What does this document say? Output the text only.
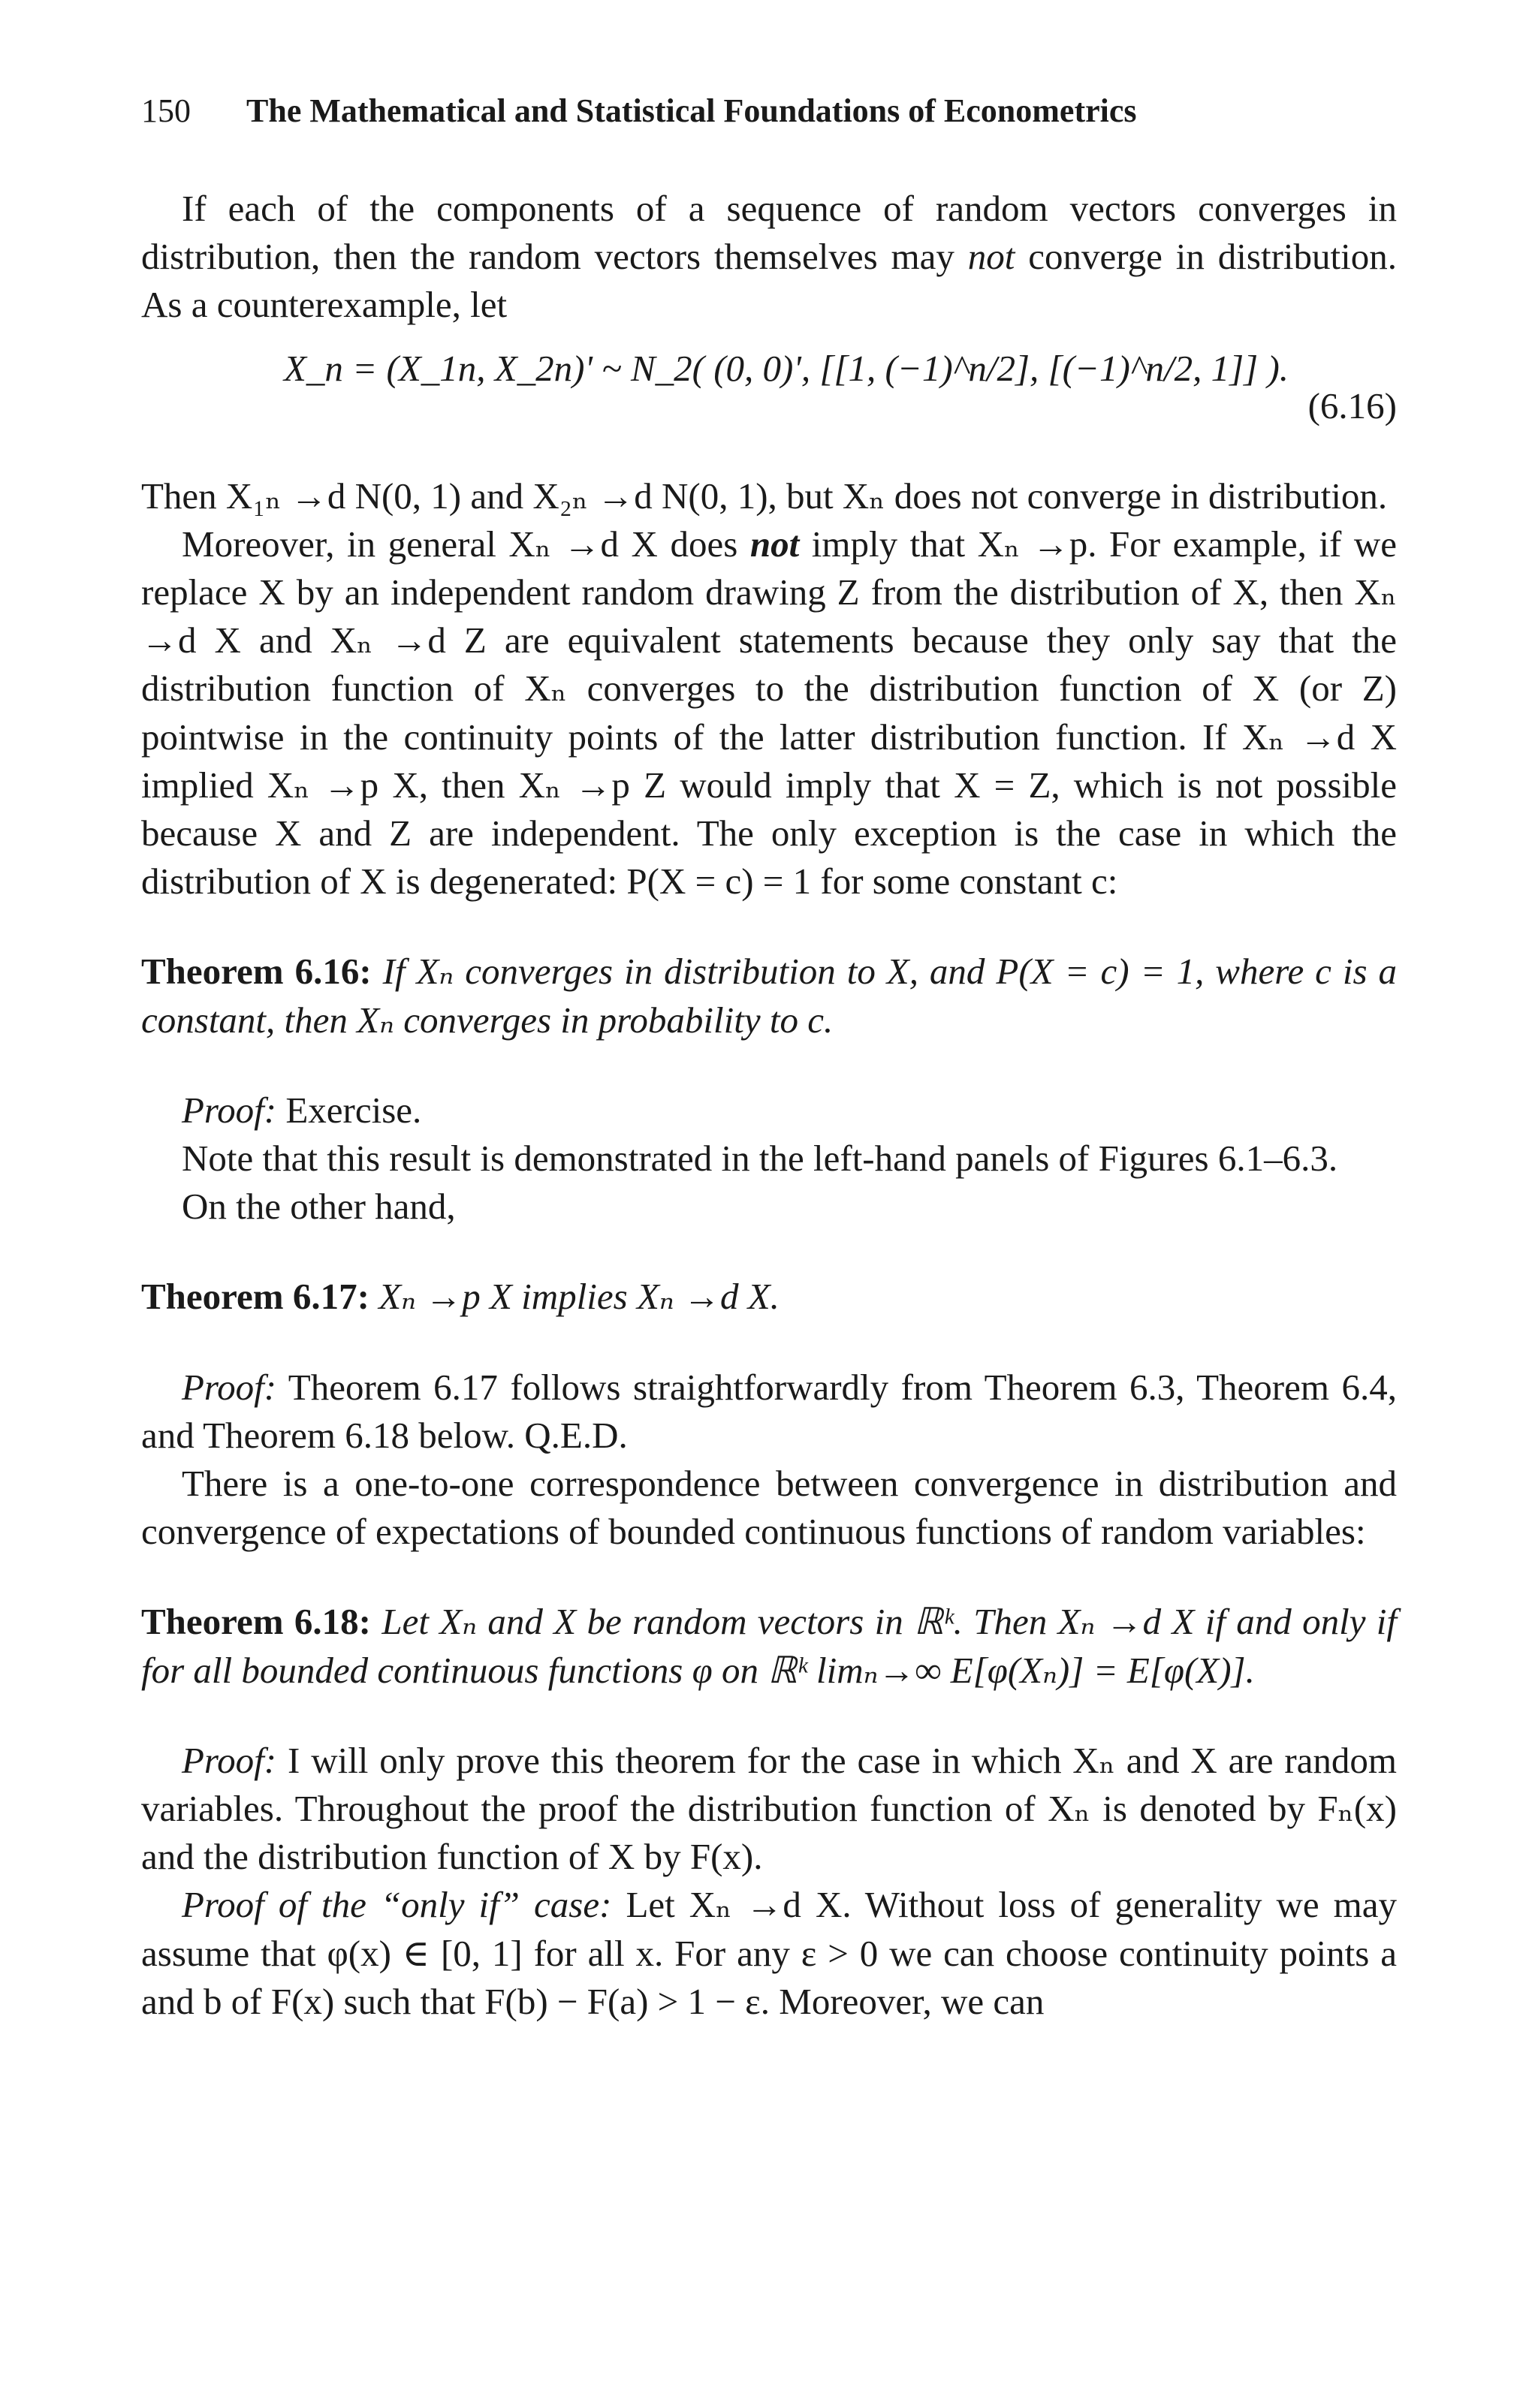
150 The Mathematical and Statistical Foundations of Econometrics

If each of the components of a sequence of random vectors converges in distribution, then the random vectors themselves may not converge in distribution. As a counterexample, let

X_n = (X_1n, X_2n)' ~ N_2( (0, 0)', [[1, (−1)^n/2], [(−1)^n/2, 1]] ).
(6.16)

Then X₁ₙ →d N(0, 1) and X₂ₙ →d N(0, 1), but Xₙ does not converge in distribution.

Moreover, in general Xₙ →d X does not imply that Xₙ →p. For example, if we replace X by an independent random drawing Z from the distribution of X, then Xₙ →d X and Xₙ →d Z are equivalent statements because they only say that the distribution function of Xₙ converges to the distribution function of X (or Z) pointwise in the continuity points of the latter distribution function. If Xₙ →d X implied Xₙ →p X, then Xₙ →p Z would imply that X = Z, which is not possible because X and Z are independent. The only exception is the case in which the distribution of X is degenerated: P(X = c) = 1 for some constant c:

Theorem 6.16: If Xₙ converges in distribution to X, and P(X = c) = 1, where c is a constant, then Xₙ converges in probability to c.

Proof: Exercise.

Note that this result is demonstrated in the left-hand panels of Figures 6.1–6.3.

On the other hand,

Theorem 6.17: Xₙ →p X implies Xₙ →d X.

Proof: Theorem 6.17 follows straightforwardly from Theorem 6.3, Theorem 6.4, and Theorem 6.18 below. Q.E.D.

There is a one-to-one correspondence between convergence in distribution and convergence of expectations of bounded continuous functions of random variables:

Theorem 6.18: Let Xₙ and X be random vectors in ℝᵏ. Then Xₙ →d X if and only if for all bounded continuous functions φ on ℝᵏ limₙ→∞ E[φ(Xₙ)] = E[φ(X)].

Proof: I will only prove this theorem for the case in which Xₙ and X are random variables. Throughout the proof the distribution function of Xₙ is denoted by Fₙ(x) and the distribution function of X by F(x).

Proof of the “only if” case: Let Xₙ →d X. Without loss of generality we may assume that φ(x) ∈ [0, 1] for all x. For any ε > 0 we can choose continuity points a and b of F(x) such that F(b) − F(a) > 1 − ε. Moreover, we can
